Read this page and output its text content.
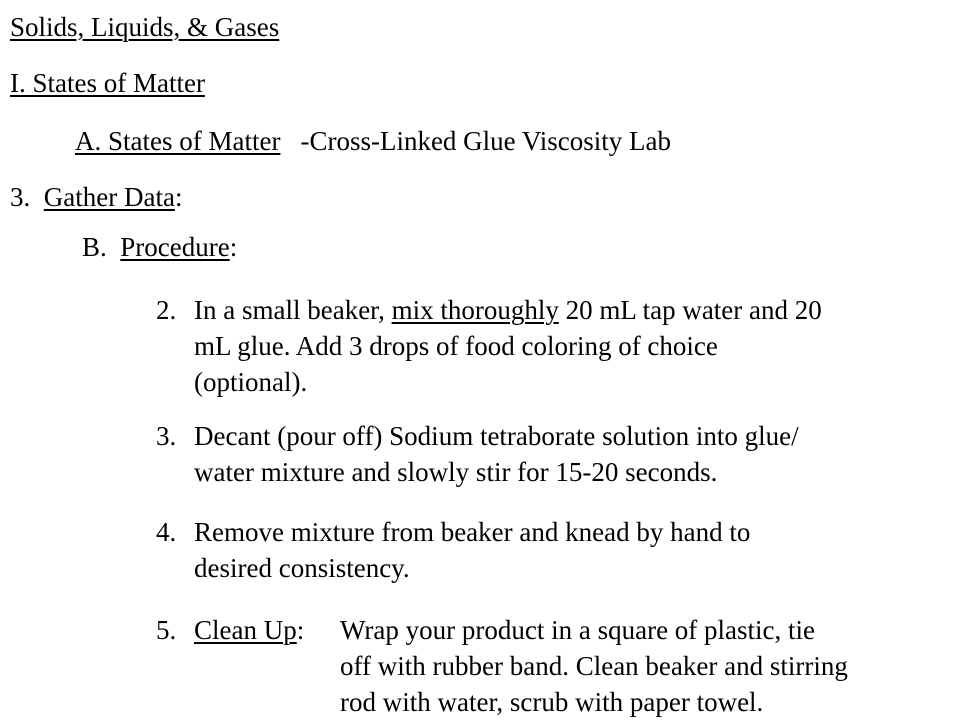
Solids, Liquids, & Gases
I. States of Matter
A. States of Matter -Cross-Linked Glue Viscosity Lab
3. Gather Data:
B. Procedure:
2. In a small beaker, mix thoroughly 20 mL tap water and 20
mL glue. Add 3 drops of food coloring of choice
(optional).
3. Decant (pour off) Sodium tetraborate solution into glue/
water mixture and slowly stir for 15-20 seconds.
4. Remove mixture from beaker and knead by hand to
desired consistency.
5. Clean Up: Wrap your product in a square of plastic, tie
off with rubber band. Clean beaker and stirring
rod with water, scrub with paper towel.
